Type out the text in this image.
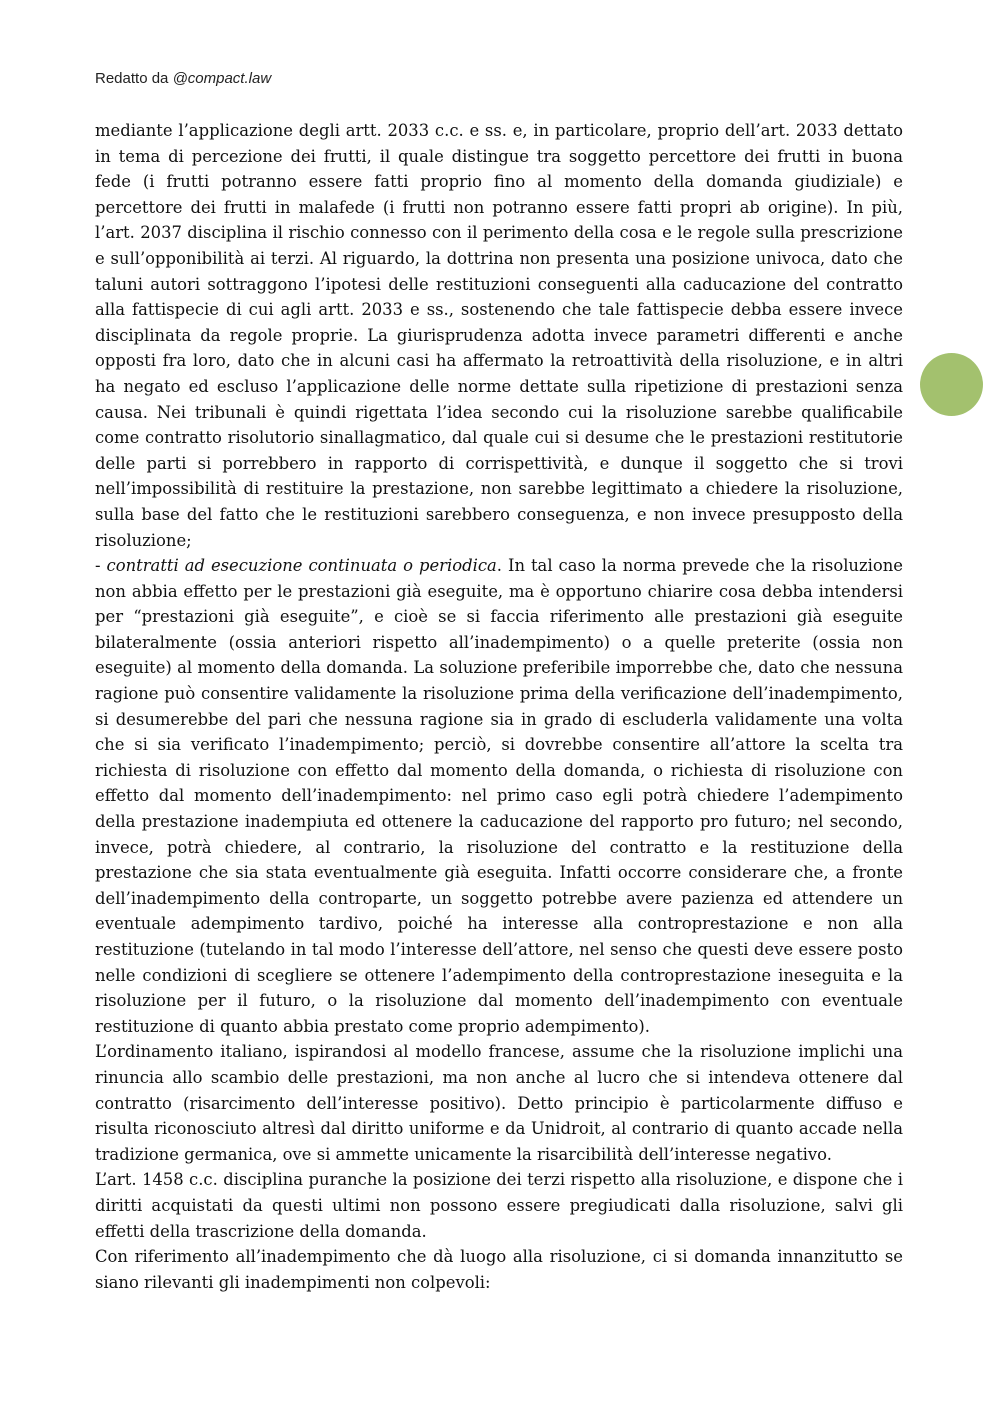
Redatto da @compact.law

mediante l’applicazione degli artt. 2033 c.c. e ss. e, in particolare, proprio dell’art. 2033 dettato in tema di percezione dei frutti, il quale distingue tra soggetto percettore dei frutti in buona fede (i frutti potranno essere fatti proprio fino al momento della domanda giudiziale) e percettore dei frutti in malafede (i frutti non potranno essere fatti propri ab origine). In più, l’art. 2037 disciplina il rischio connesso con il perimento della cosa e le regole sulla prescrizione e sull’opponibilità ai terzi. Al riguardo, la dottrina non presenta una posizione univoca, dato che taluni autori sottraggono l’ipotesi delle restituzioni conseguenti alla caducazione del contratto alla fattispecie di cui agli artt. 2033 e ss., sostenendo che tale fattispecie debba essere invece disciplinata da regole proprie. La giurisprudenza adotta invece parametri differenti e anche opposti fra loro, dato che in alcuni casi ha affermato la retroattività della risoluzione, e in altri ha negato ed escluso l’applicazione delle norme dettate sulla ripetizione di prestazioni senza causa. Nei tribunali è quindi rigettata l’idea secondo cui la risoluzione sarebbe qualificabile come contratto risolutorio sinallagmatico, dal quale cui si desume che le prestazioni restitutorie delle parti si porrebbero in rapporto di corrispettività, e dunque il soggetto che si trovi nell’impossibilità di restituire la prestazione, non sarebbe legittimato a chiedere la risoluzione, sulla base del fatto che le restituzioni sarebbero conseguenza, e non invece presupposto della risoluzione;

- contratti ad esecuzione continuata o periodica. In tal caso la norma prevede che la risoluzione non abbia effetto per le prestazioni già eseguite, ma è opportuno chiarire cosa debba intendersi per “prestazioni già eseguite”, e cioè se si faccia riferimento alle prestazioni già eseguite bilateralmente (ossia anteriori rispetto all’inadempimento) o a quelle preterite (ossia non eseguite) al momento della domanda. La soluzione preferibile imporrebbe che, dato che nessuna ragione può consentire validamente la risoluzione prima della verificazione dell’inadempimento, si desumerebbe del pari che nessuna ragione sia in grado di escluderla validamente una volta che si sia verificato l’inadempimento; perciò, si dovrebbe consentire all’attore la scelta tra richiesta di risoluzione con effetto dal momento della domanda, o richiesta di risoluzione con effetto dal momento dell’inadempimento: nel primo caso egli potrà chiedere l’adempimento della prestazione inadempiuta ed ottenere la caducazione del rapporto pro futuro; nel secondo, invece, potrà chiedere, al contrario, la risoluzione del contratto e la restituzione della prestazione che sia stata eventualmente già eseguita. Infatti occorre considerare che, a fronte dell’inadempimento della controparte, un soggetto potrebbe avere pazienza ed attendere un eventuale adempimento tardivo, poiché ha interesse alla controprestazione e non alla restituzione (tutelando in tal modo l’interesse dell’attore, nel senso che questi deve essere posto nelle condizioni di scegliere se ottenere l’adempimento della controprestazione ineseguita e la risoluzione per il futuro, o la risoluzione dal momento dell’inadempimento con eventuale restituzione di quanto abbia prestato come proprio adempimento).

L’ordinamento italiano, ispirandosi al modello francese, assume che la risoluzione implichi una rinuncia allo scambio delle prestazioni, ma non anche al lucro che si intendeva ottenere dal contratto (risarcimento dell’interesse positivo). Detto principio è particolarmente diffuso e risulta riconosciuto altresì dal diritto uniforme e da Unidroit, al contrario di quanto accade nella tradizione germanica, ove si ammette unicamente la risarcibilità dell’interesse negativo.

L’art. 1458 c.c. disciplina puranche la posizione dei terzi rispetto alla risoluzione, e dispone che i diritti acquistati da questi ultimi non possono essere pregiudicati dalla risoluzione, salvi gli effetti della trascrizione della domanda.

Con riferimento all’inadempimento che dà luogo alla risoluzione, ci si domanda innanzitutto se siano rilevanti gli inadempimenti non colpevoli:
